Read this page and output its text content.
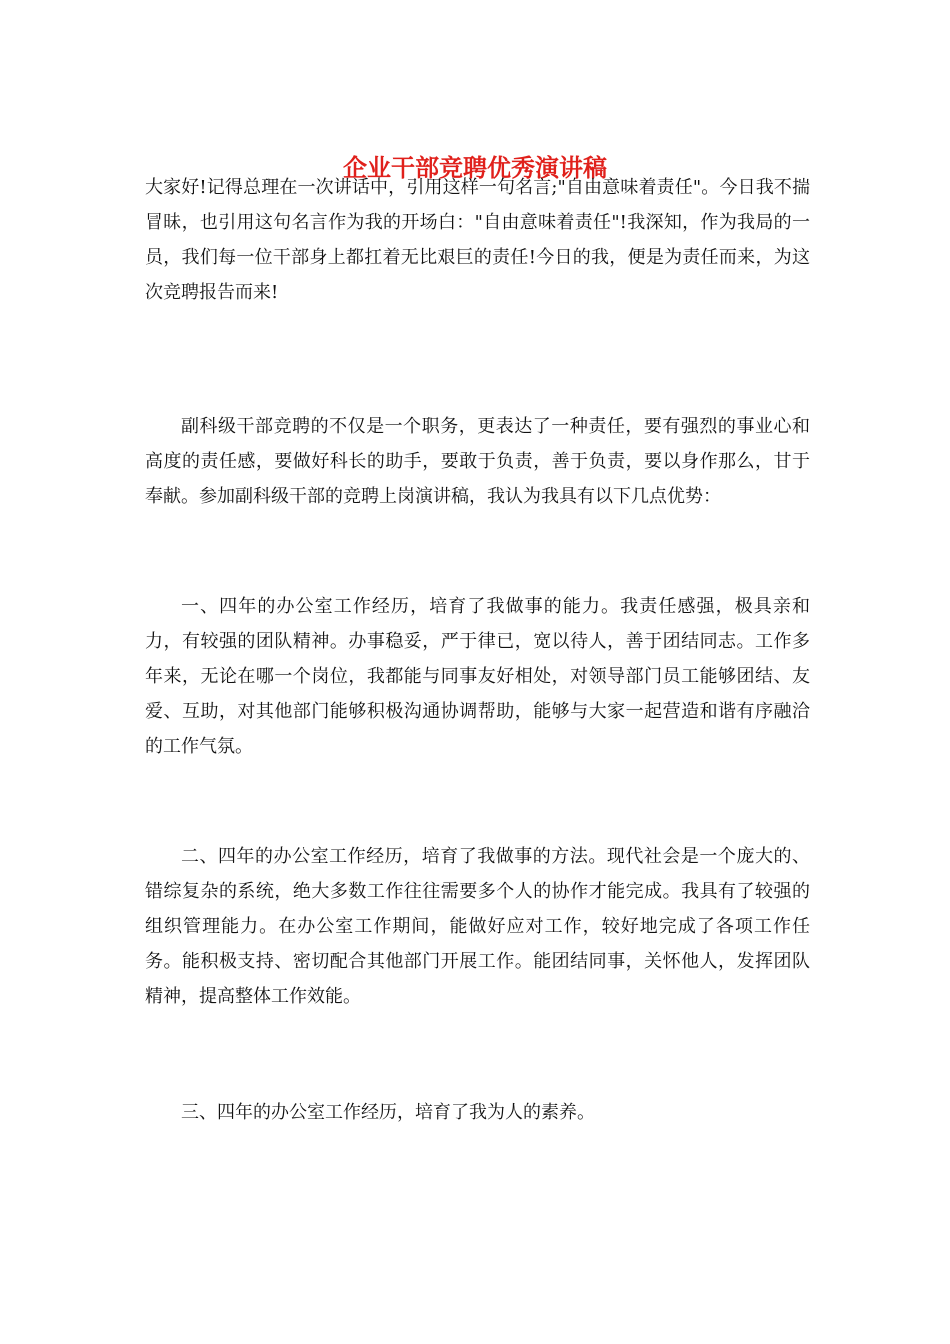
企业干部竞聘优秀演讲稿

大家好!记得总理在一次讲话中，引用这样一句名言;"自由意味着责任"。今日我不揣冒昧，也引用这句名言作为我的开场白："自由意味着责任"!我深知，作为我局的一员，我们每一位干部身上都扛着无比艰巨的责任!今日的我，便是为责任而来，为这次竞聘报告而来!

副科级干部竞聘的不仅是一个职务，更表达了一种责任，要有强烈的事业心和高度的责任感，要做好科长的助手，要敢于负责，善于负责，要以身作那么，甘于奉献。参加副科级干部的竞聘上岗演讲稿，我认为我具有以下几点优势：

一、四年的办公室工作经历，培育了我做事的能力。我责任感强，极具亲和力，有较强的团队精神。办事稳妥，严于律已，宽以待人，善于团结同志。工作多年来，无论在哪一个岗位，我都能与同事友好相处，对领导部门员工能够团结、友爱、互助，对其他部门能够积极沟通协调帮助，能够与大家一起营造和谐有序融洽的工作气氛。

二、四年的办公室工作经历，培育了我做事的方法。现代社会是一个庞大的、错综复杂的系统，绝大多数工作往往需要多个人的协作才能完成。我具有了较强的组织管理能力。在办公室工作期间，能做好应对工作，较好地完成了各项工作任务。能积极支持、密切配合其他部门开展工作。能团结同事，关怀他人，发挥团队精神，提高整体工作效能。

三、四年的办公室工作经历，培育了我为人的素养。
